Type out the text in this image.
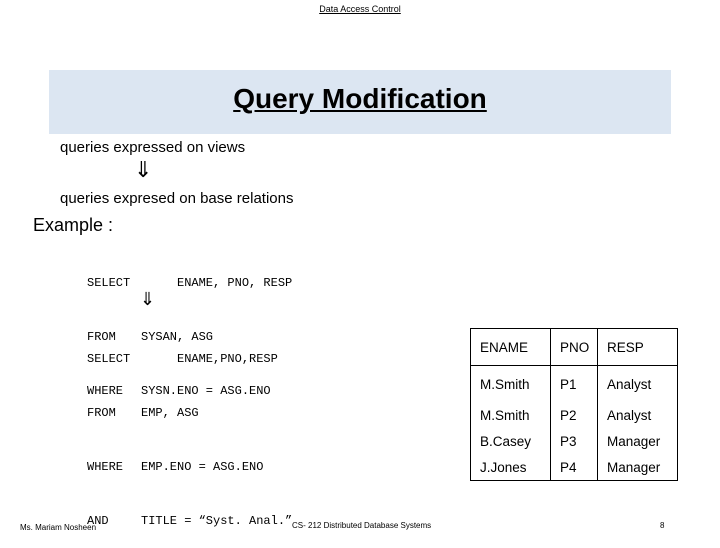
Data Access Control
Query Modification
queries expressed on views
⇓
queries expresed on base relations
Example :

SELECT ENAME, PNO, RESP

FROM	SYSAN, ASG

WHERE	SYSN.ENO = ASG.ENO

⇓

SELECT ENAME,PNO,RESP

FROM	EMP, ASG

WHERE	EMP.ENO = ASG.ENO

AND	TITLE = “Syst. Anal.”

ENAME	PNO	RESP
M.Smith	P1	Analyst
M.Smith	P2	Analyst
B.Casey	P3	Manager
J.Jones	P4	Manager
Ms. Mariam Nosheen	CS- 212 Distributed Database Systems	8
